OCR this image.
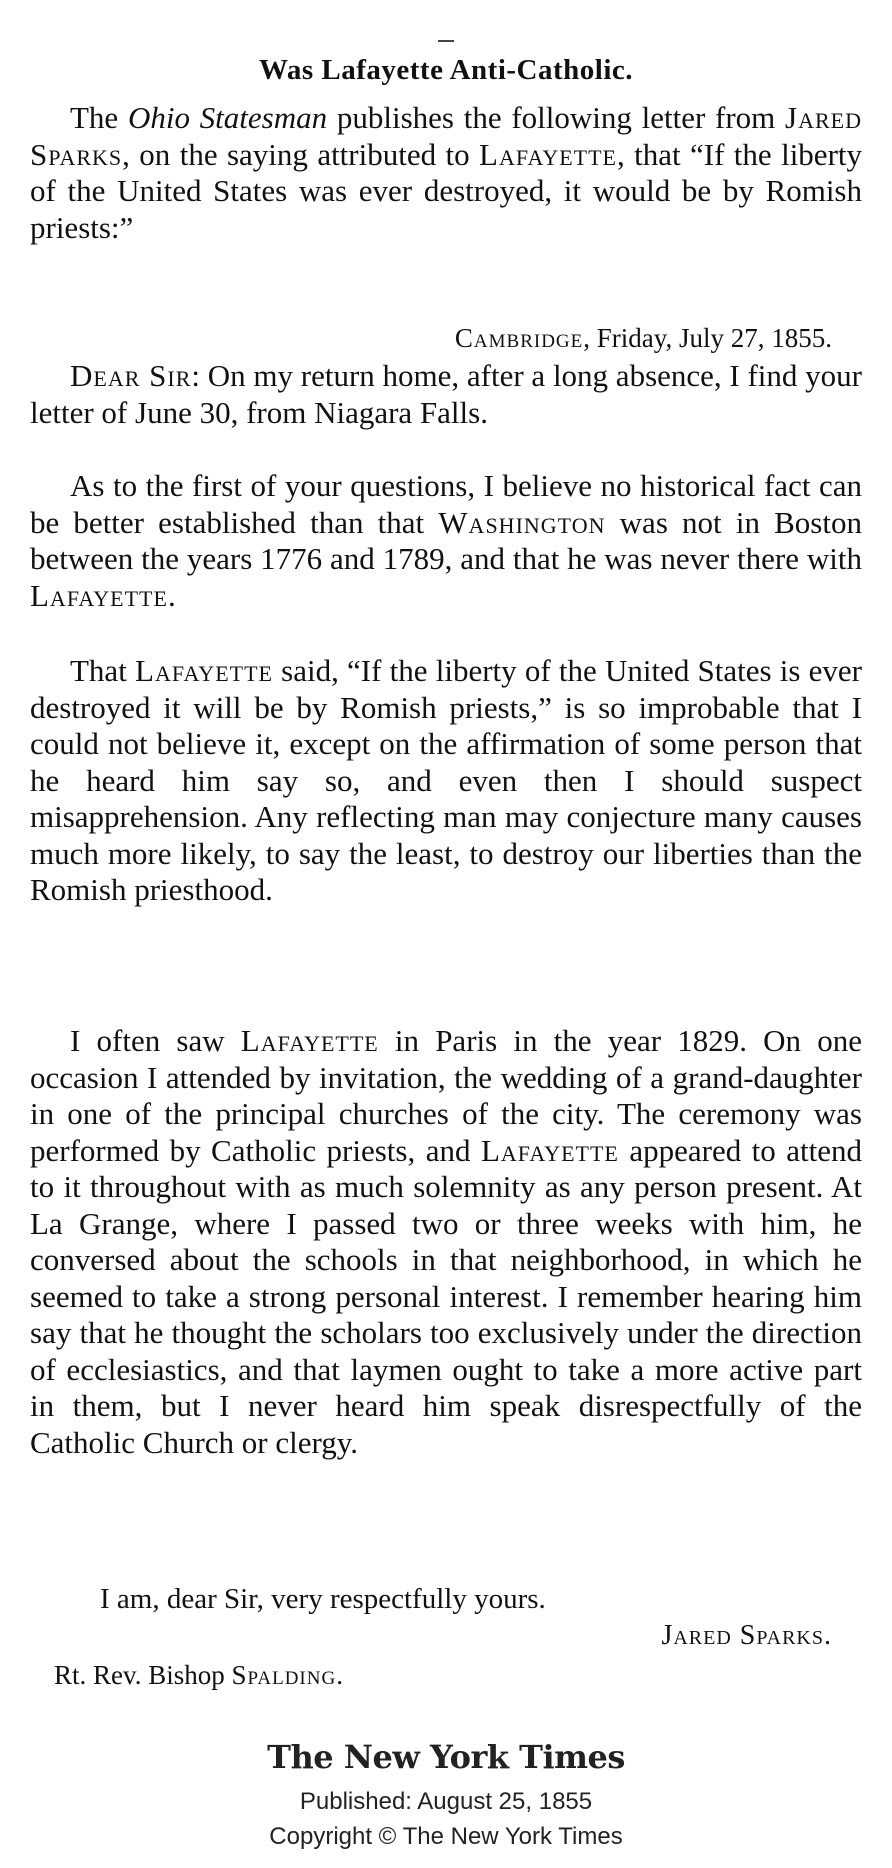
Was Lafayette Anti-Catholic.

The Ohio Statesman publishes the following letter from Jared Sparks, on the saying attributed to Lafayette, that “If the liberty of the United States was ever destroyed, it would be by Romish priests:”

Cambridge, Friday, July 27, 1855.

Dear Sir: On my return home, after a long absence, I find your letter of June 30, from Niagara Falls.

As to the first of your questions, I believe no historical fact can be better established than that Washington was not in Boston between the years 1776 and 1789, and that he was never there with Lafayette.

That Lafayette said, “If the liberty of the United States is ever destroyed it will be by Romish priests,” is so improbable that I could not believe it, except on the affirmation of some person that he heard him say so, and even then I should suspect misapprehension. Any reflecting man may conjecture many causes much more likely, to say the least, to destroy our liberties than the Romish priesthood.

I often saw Lafayette in Paris in the year 1829. On one occasion I attended by invitation, the wedding of a grand-daughter in one of the principal churches of the city. The ceremony was performed by Catholic priests, and Lafayette appeared to attend to it throughout with as much solemnity as any person present. At La Grange, where I passed two or three weeks with him, he conversed about the schools in that neighborhood, in which he seemed to take a strong personal interest. I remember hearing him say that he thought the scholars too exclusively under the direction of ecclesiastics, and that laymen ought to take a more active part in them, but I never heard him speak disrespectfully of the Catholic Church or clergy.

I am, dear Sir, very respectfully yours.
Jared Sparks.
Rt. Rev. Bishop Spalding.
The New York Times
Published: August 25, 1855
Copyright © The New York Times
